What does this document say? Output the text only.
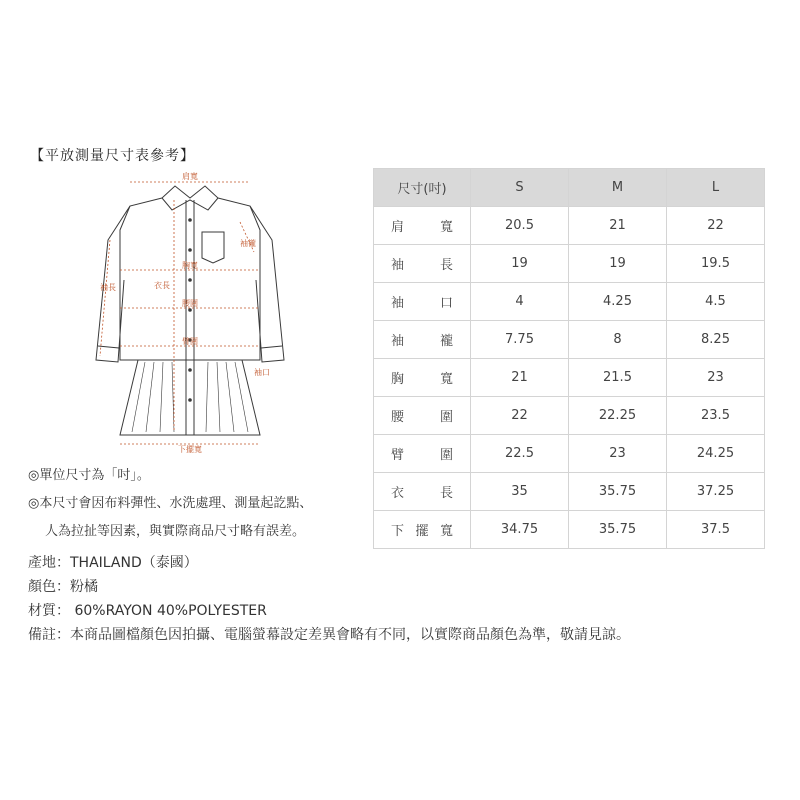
【平放測量尺寸表參考】
肩寬
胸寬
腰圍
臂圍
下擺寬
衣長
袖長
袖襱
袖口
◎單位尺寸為「吋」。
◎本尺寸會因布料彈性、水洗處理、測量起訖點、
人為拉扯等因素，與實際商品尺寸略有誤差。
產地：THAILAND（泰國）
顏色：粉橘
材質： 60%RAYON 40%POLYESTER
備註：本商品圖檔顏色因拍攝、電腦螢幕設定差異會略有不同，以實際商品顏色為準，敬請見諒。
尺寸(吋)	S	M	L
肩寬	20.5	21	22
袖長	19	19	19.5
袖口	4	4.25	4.5
袖襱	7.75	8	8.25
胸寬	21	21.5	23
腰圍	22	22.25	23.5
臂圍	22.5	23	24.25
衣長	35	35.75	37.25
下擺寬	34.75	35.75	37.5
